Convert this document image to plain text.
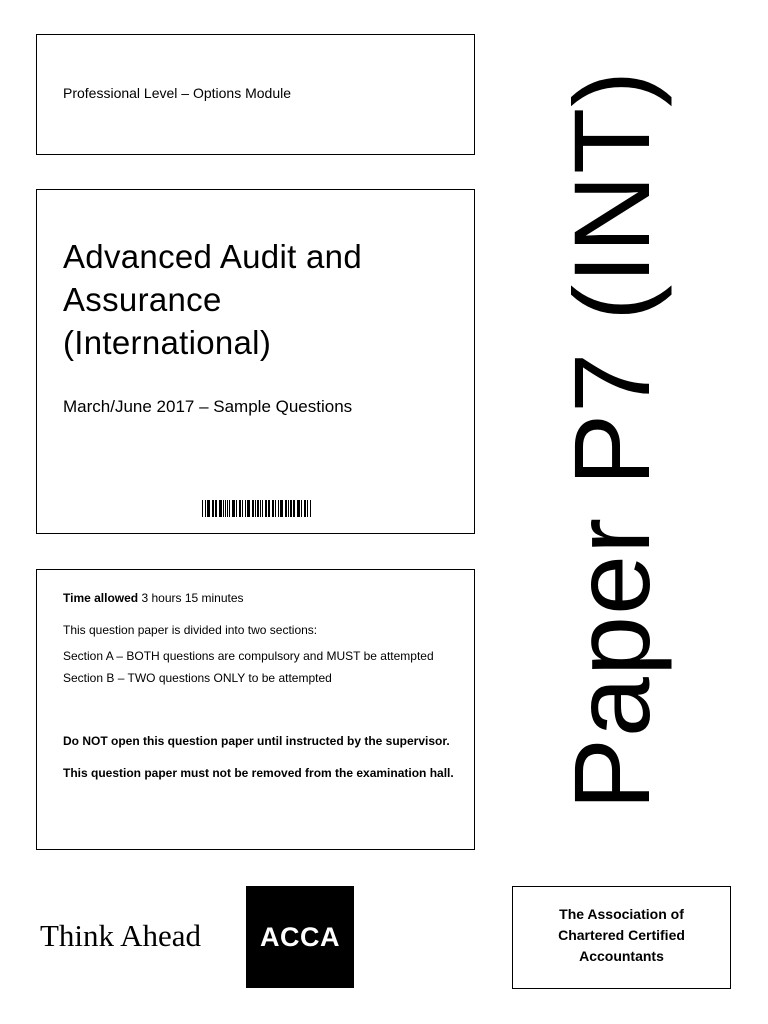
Professional Level – Options Module
Advanced Audit and
Assurance
(International)
March/June 2017 – Sample Questions
Time allowed 3 hours 15 minutes
This question paper is divided into two sections:
Section A – BOTH questions are compulsory and MUST be attempted
Section B – TWO questions ONLY to be attempted
Do NOT open this question paper until instructed by the supervisor.
This question paper must not be removed from the examination hall. Paper P7 (INT)
Think Ahead ACCA
The Association of
Chartered Certified
Accountants
